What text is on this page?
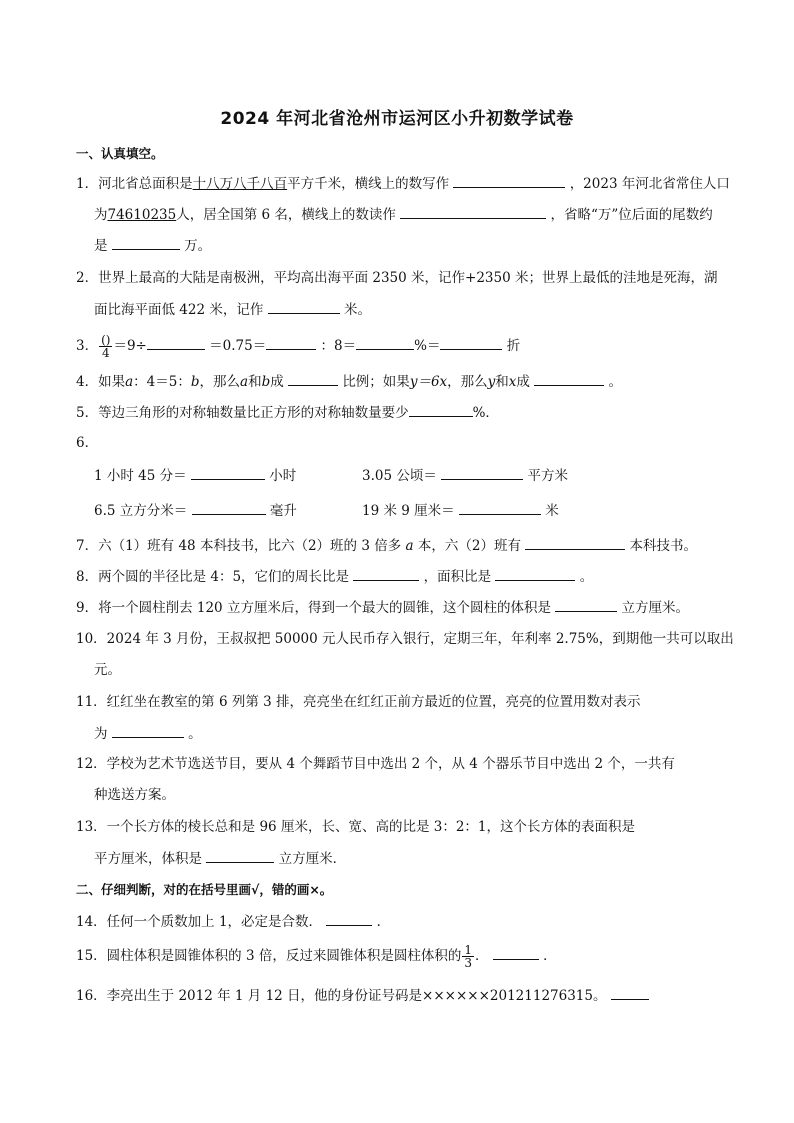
2024 年河北省沧州市运河区小升初数学试卷
一、认真填空。
1．河北省总面积是十八万八千八百平方千米，横线上的数写作	，2023 年河北省常住人口
为74610235人，居全国第 6 名，横线上的数读作	，省略“万”位后面的尾数约
是	万。
2．世界上最高的大陆是南极洲，平均高出海平面 2350 米，记作+2350 米；世界上最低的洼地是死海，湖
面比海平面低 422 米，记作	米。
3． $\frac{()}{4} =9\div$	＝0.75＝	：8＝	%＝	折
4．如果a：4＝5：b，那么a和b成	比例；如果y＝6x，那么y和x成	。
5．等边三角形的对称轴数量比正方形的对称轴数量要少	%．
6．
1 小时 45 分＝	小时	3.05 公顷＝	平方米
6.5 立方分米＝	毫升	19 米 9 厘米＝	米
7．六（1）班有 48 本科技书，比六（2）班的 3 倍多 a 本，六（2）班有	本科技书。
8．两个圆的半径比是 4：5，它们的周长比是	，面积比是	。
9．将一个圆柱削去 120 立方厘米后，得到一个最大的圆锥，这个圆柱的体积是	立方厘米。
10．2024 年 3 月份，王叔叔把 50000 元人民币存入银行，定期三年，年利率 2.75%，到期他一共可以取出
元。
11．红红坐在教室的第 6 列第 3 排，亮亮坐在红红正前方最近的位置，亮亮的位置用数对表示
为	。
12．学校为艺术节选送节目，要从 4 个舞蹈节目中选出 2 个，从 4 个器乐节目中选出 2 个，一共有
种选送方案。
13．一个长方体的棱长总和是 96 厘米，长、宽、高的比是 3：2：1，这个长方体的表面积是
平方厘米，体积是	立方厘米．
二、仔细判断，对的在括号里画√，错的画×。
14．任何一个质数加上 1，必定是合数．	．
15．圆柱体积是圆锥体积的 3 倍，反过来圆锥体积是圆柱体积的 $\frac{1}{3}$ ．	．
16．李亮出生于 2012 年 1 月 12 日，他的身份证号码是××××××201211276315。
